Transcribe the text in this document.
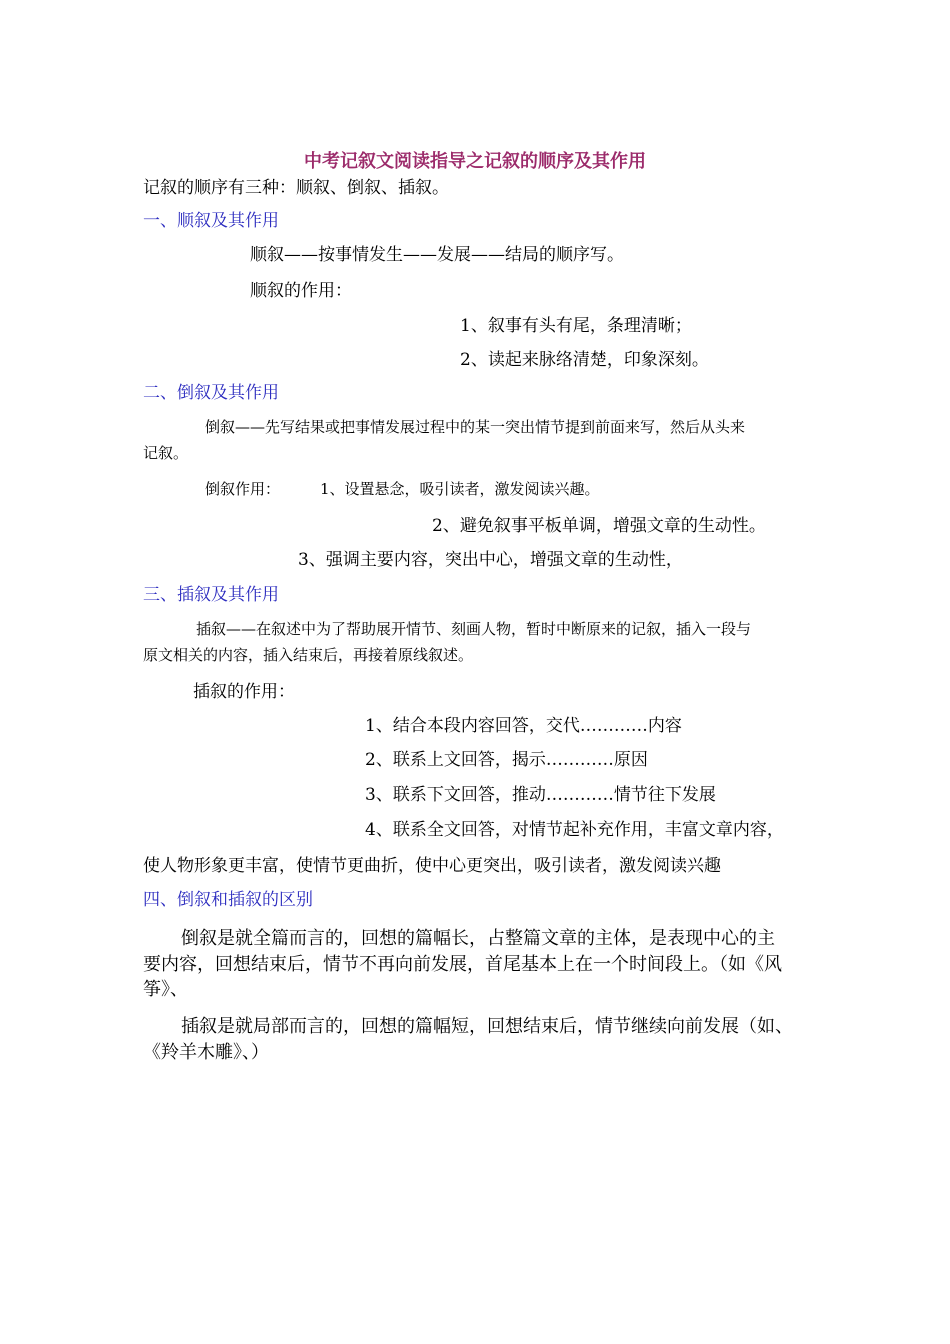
中考记叙文阅读指导之记叙的顺序及其作用
记叙的顺序有三种：顺叙、倒叙、插叙。
一、顺叙及其作用
顺叙——按事情发生——发展——结局的顺序写。
顺叙的作用：
1、叙事有头有尾，条理清晰；
2、读起来脉络清楚，印象深刻。
二、倒叙及其作用
倒叙——先写结果或把事情发展过程中的某一突出情节提到前面来写，然后从头来
记叙。
倒叙作用：	1、设置悬念，吸引读者，激发阅读兴趣。
2、避免叙事平板单调，增强文章的生动性。
3、强调主要内容，突出中心，增强文章的生动性，
三、插叙及其作用
插叙——在叙述中为了帮助展开情节、刻画人物，暂时中断原来的记叙，插入一段与
原文相关的内容，插入结束后，再接着原线叙述。
插叙的作用：
1、结合本段内容回答，交代…………内容
2、联系上文回答，揭示…………原因
3、联系下文回答，推动…………情节往下发展
4、联系全文回答，对情节起补充作用，丰富文章内容，
使人物形象更丰富，使情节更曲折，使中心更突出，吸引读者，激发阅读兴趣
四、倒叙和插叙的区别
倒叙是就全篇而言的，回想的篇幅长，占整篇文章的主体，是表现中心的主
要内容，回想结束后，情节不再向前发展，首尾基本上在一个时间段上。（如《风
筝》、
插叙是就局部而言的，回想的篇幅短，回想结束后，情节继续向前发展（如、
《羚羊木雕》、）
